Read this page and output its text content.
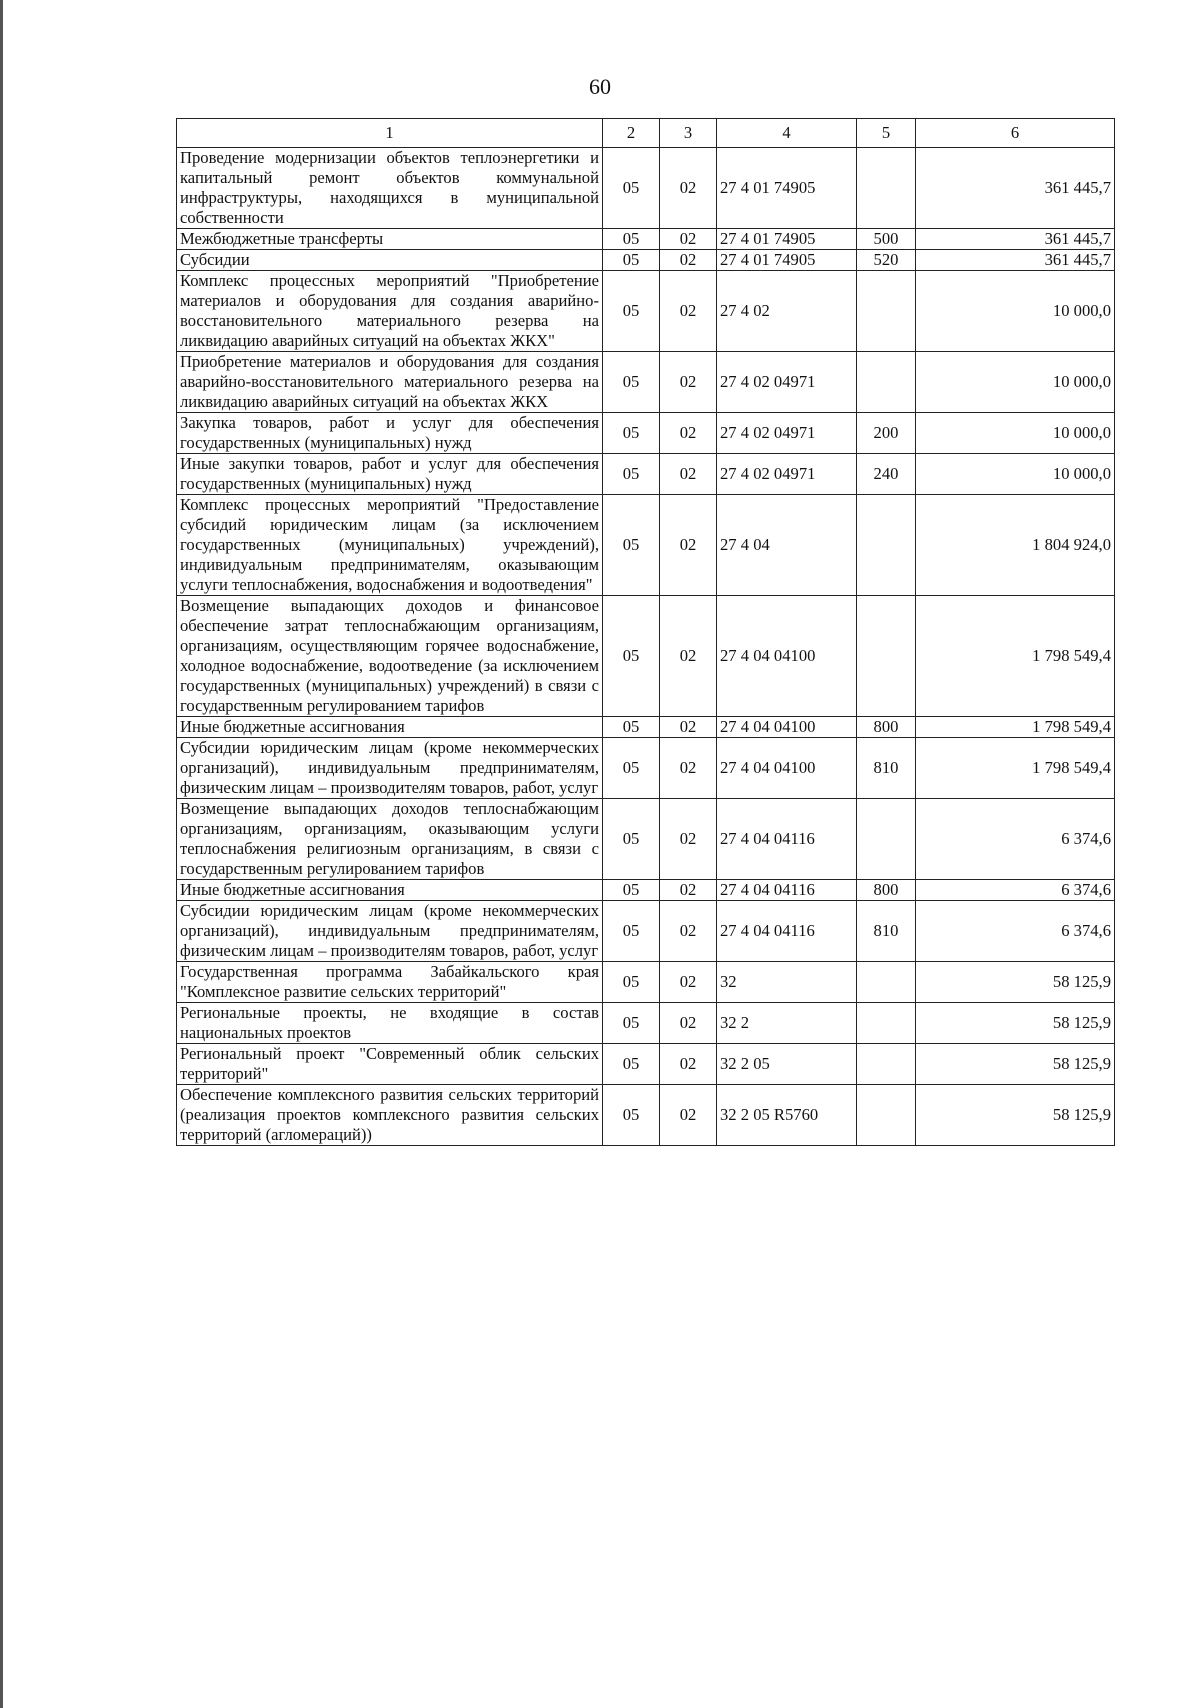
60
1	2	3	4	5	6
Проведение модернизации объектов теплоэнергетики и капитальный ремонт объектов коммунальной инфраструктуры, находящихся в муниципальной собственности	05	02	27 4 01 74905		361 445,7
Межбюджетные трансферты	05	02	27 4 01 74905	500	361 445,7
Субсидии	05	02	27 4 01 74905	520	361 445,7
Комплекс процессных мероприятий "Приобретение материалов и оборудования для создания аварийно-восстановительного материального резерва на ликвидацию аварийных ситуаций на объектах ЖКХ"	05	02	27 4 02		10 000,0
Приобретение материалов и оборудования для создания аварийно-восстановительного материального резерва на ликвидацию аварийных ситуаций на объектах ЖКХ	05	02	27 4 02 04971		10 000,0
Закупка товаров, работ и услуг для обеспечения государственных (муниципальных) нужд	05	02	27 4 02 04971	200	10 000,0
Иные закупки товаров, работ и услуг для обеспечения государственных (муниципальных) нужд	05	02	27 4 02 04971	240	10 000,0
Комплекс процессных мероприятий "Предоставление субсидий юридическим лицам (за исключением государственных (муниципальных) учреждений), индивидуальным предпринимателям, оказывающим услуги теплоснабжения, водоснабжения и водоотведения"	05	02	27 4 04		1 804 924,0
Возмещение выпадающих доходов и финансовое обеспечение затрат теплоснабжающим организациям, организациям, осуществляющим горячее водоснабжение, холодное водоснабжение, водоотведение (за исключением государственных (муниципальных) учреждений) в связи с государственным регулированием тарифов	05	02	27 4 04 04100		1 798 549,4
Иные бюджетные ассигнования	05	02	27 4 04 04100	800	1 798 549,4
Субсидии юридическим лицам (кроме некоммерческих организаций), индивидуальным предпринимателям, физическим лицам – производителям товаров, работ, услуг	05	02	27 4 04 04100	810	1 798 549,4
Возмещение выпадающих доходов теплоснабжающим организациям, организациям, оказывающим услуги теплоснабжения религиозным организациям, в связи с государственным регулированием тарифов	05	02	27 4 04 04116		6 374,6
Иные бюджетные ассигнования	05	02	27 4 04 04116	800	6 374,6
Субсидии юридическим лицам (кроме некоммерческих организаций), индивидуальным предпринимателям, физическим лицам – производителям товаров, работ, услуг	05	02	27 4 04 04116	810	6 374,6
Государственная программа Забайкальского края "Комплексное развитие сельских территорий"	05	02	32		58 125,9
Региональные проекты, не входящие в состав национальных проектов	05	02	32 2		58 125,9
Региональный проект "Современный облик сельских территорий"	05	02	32 2 05		58 125,9
Обеспечение комплексного развития сельских территорий (реализация проектов комплексного развития сельских территорий (агломераций))	05	02	32 2 05 R5760		58 125,9
